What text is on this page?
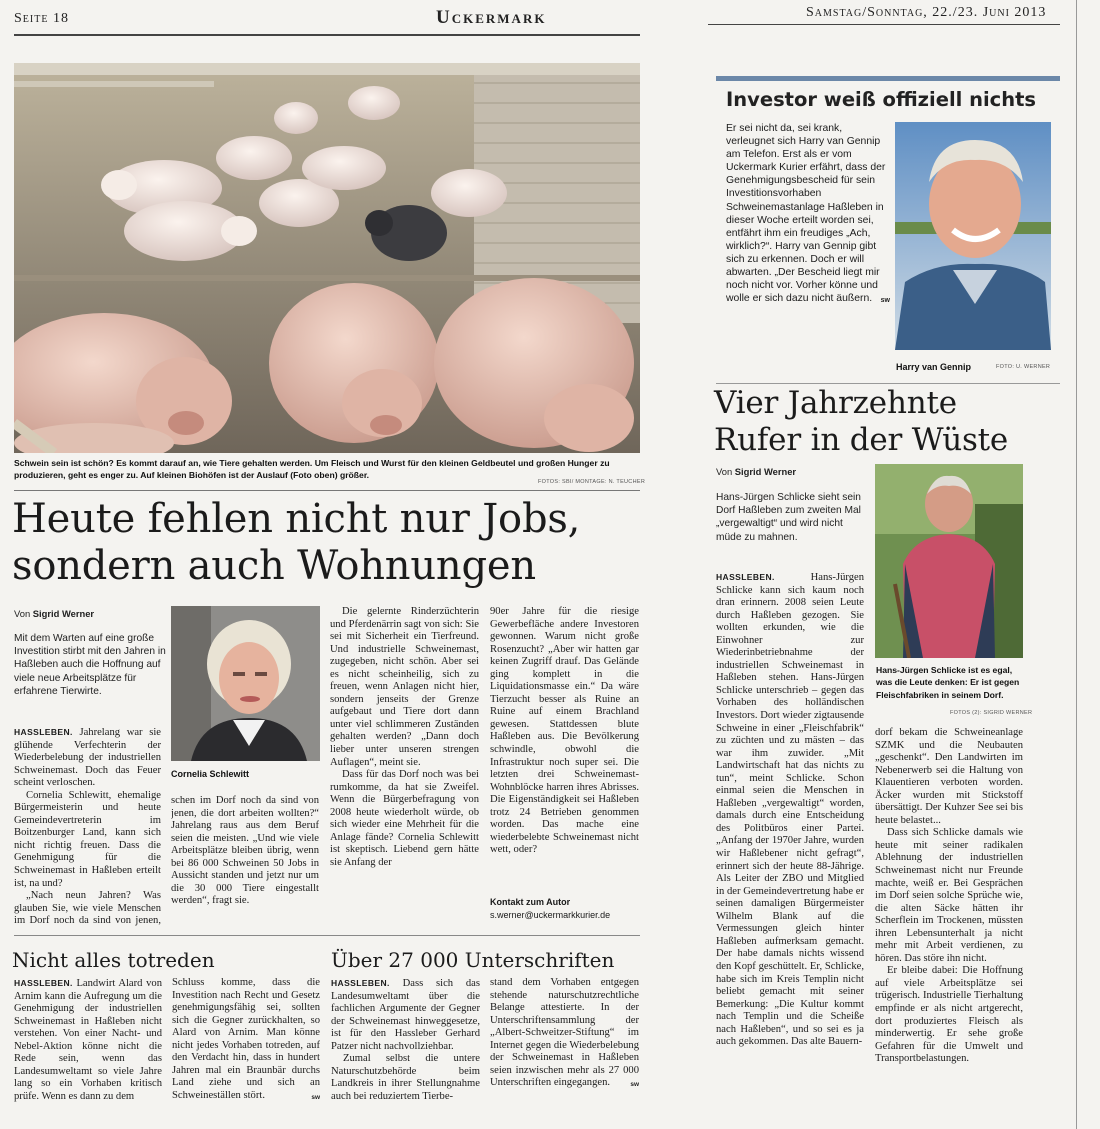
Seite 18	Uckermark	Samstag/Sonntag, 22./23. Juni 2013
Schwein sein ist schön? Es kommt darauf an, wie Tiere gehalten werden. Um Fleisch und Wurst für den kleinen Geldbeutel und großen Hunger zu produzieren, geht es enger zu. Auf kleinen Biohöfen ist der Auslauf (Foto oben) größer.
FOTOS: SBI/ MONTAGE: N. TEUCHER
Heute fehlen nicht nur Jobs,
sondern auch Wohnungen
Von Sigrid Werner
Mit dem Warten auf eine große Investition stirbt mit den Jahren in Haßleben auch die Hoffnung auf viele neue Arbeitsplätze für erfahrene Tierwirte.

HASSLEBEN. Jahrelang war sie glühende Verfechterin der Wiederbelebung der industriellen Schweinemast. Doch das Feuer scheint verloschen.

Cornelia Schlewitt, ehemalige Bürgermeisterin und heute Gemeindevertreterin im Boitzenburger Land, kann sich nicht richtig freuen. Dass die Genehmigung für die Schweinemast in Haßleben erteilt ist, na und?

„Nach neun Jahren? Was glauben Sie, wie viele Menschen im Dorf noch da sind von jenen,

Cornelia Schlewitt

schen im Dorf noch da sind von jenen, die dort arbeiten wollten?“ Jahrelang raus aus dem Beruf seien die meisten. „Und wie viele Arbeitsplätze bleiben übrig, wenn bei 86 000 Schweinen 50 Jobs in Aussicht standen und jetzt nur um die 30 000 Tiere eingestallt werden“, fragt sie.

Die gelernte Rinderzüchterin und Pferdenärrin sagt von sich: Sie sei mit Sicherheit ein Tierfreund. Und industrielle Schweinemast, zugegeben, nicht schön. Aber sei es nicht scheinheilig, sich zu freuen, wenn Anlagen nicht hier, sondern jenseits der Grenze aufgebaut und Tiere dort dann unter viel schlimmeren Zuständen gehalten werden? „Dann doch lieber unter unseren strengen Auflagen“, meint sie.

Dass für das Dorf noch was bei rumkomme, da hat sie Zweifel. Wenn die Bürgerbefragung von 2008 heute wiederholt würde, ob sich wieder eine Mehrheit für die Anlage fände? Cornelia Schlewitt ist skeptisch. Liebend gern hätte sie Anfang der

90er Jahre für die riesige Gewerbefläche andere Investoren gewonnen. Warum nicht große Rosenzucht? „Aber wir hatten gar keinen Zugriff drauf. Das Gelände ging komplett in die Liquidationsmasse ein.“ Da wäre Tierzucht besser als Ruine an Ruine auf einem Brachland gewesen. Stattdessen blute Haßleben aus. Die Bevölkerung schwindle, obwohl die Infrastruktur noch super sei. Die letzten drei Schweinemast-Wohnblöcke harren ihres Abrisses. Die Eigenständigkeit sei Haßleben trotz 24 Betrieben genommen worden. Das mache eine wiederbelebte Schweinemast nicht wett, oder?

Kontakt zum Autor
s.werner@uckermarkkurier.de
Nicht alles totreden

HASSLEBEN. Landwirt Alard von Arnim kann die Aufregung um die Genehmigung der industriellen Schweinemast in Haßleben nicht verstehen. Von einer Nacht- und Nebel-Aktion könne nicht die Rede sein, wenn das Landesumweltamt so viele Jahre lang so ein Vorhaben kritisch prüfe. Wenn es dann zu dem

Schluss komme, dass die Investition nach Recht und Gesetz genehmigungsfähig sei, sollten sich die Gegner zurückhalten, so Alard von Arnim. Man könne nicht jedes Vorhaben totreden, auf den Verdacht hin, dass in hundert Jahren mal ein Braunbär durchs Land ziehe und sich an Schweineställen stört.	sw

Über 27 000 Unterschriften

HASSLEBEN. Dass sich das Landesumweltamt über die fachlichen Argumente der Gegner der Schweinemast hinweggesetze, ist für den Hassleber Gerhard Patzer nicht nachvollziehbar.

Zumal selbst die untere Naturschutzbehörde beim Landkreis in ihrer Stellungnahme auch bei reduziertem Tierbe-

stand dem Vorhaben entgegen stehende naturschutzrechtliche Belange attestierte. In der Unterschriftensammlung der „Albert-Schweitzer-Stiftung“ im Internet gegen die Wiederbelebung der Schweinemast in Haßleben seien inzwischen mehr als 27 000 Unterschriften eingegangen.	sw

Investor weiß offiziell nichts
Er sei nicht da, sei krank, verleugnet sich Harry van Gennip am Telefon. Erst als er vom Uckermark Kurier erfährt, dass der Genehmigungsbescheid für sein Investitionsvorhaben Schweinemastanlage Haßleben in dieser Woche erteilt worden sei, entfährt ihm ein freudiges „Ach, wirklich?“. Harry van Gennip gibt sich zu erkennen. Doch er will abwarten. „Der Bescheid liegt mir noch nicht vor. Vorher könne und wolle er sich dazu nicht äußern. sw
Harry van Gennip	FOTO: U. WERNER
Vier Jahrzehnte
Rufer in der Wüste
Von Sigrid Werner
Hans-Jürgen Schlicke sieht sein Dorf Haßleben zum zweiten Mal „vergewaltigt“ und wird nicht müde zu mahnen.
Hans-Jürgen Schlicke ist es egal, was die Leute denken: Er ist gegen Fleischfabriken in seinem Dorf.
FOTOS (2): SIGRID WERNER

HASSLEBEN.	Hans-Jürgen Schlicke kann sich kaum noch dran erinnern. 2008 seien Leute durch Haßleben gezogen. Sie wollten erkunden, wie die Einwohner zur Wiederinbetriebnahme der industriellen Schweinemast in Haßleben stehen. Hans-Jürgen Schlicke unterschrieb – gegen das Vorhaben des holländischen Investors. Dort wieder zigtausende Schweine in einer „Fleischfabrik“ zu züchten und zu mästen – das war ihm zuwider. „Mit Landwirtschaft hat das nichts zu tun“, meint Schlicke. Schon einmal seien die Menschen in Haßleben „vergewaltigt“ worden, damals durch eine Entscheidung des Politbüros einer Partei. „Anfang der 1970er Jahre, wurden wir Haßlebener nicht gefragt“, erinnert sich der heute 88-Jährige. Als Leiter der ZBO und Mitglied in der Gemeindevertretung habe er seinen damaligen Bürgermeister Wilhelm Blank auf die Vermessungen gleich hinter Haßleben aufmerksam gemacht. Der habe damals nichts wissend den Kopf geschüttelt. Er, Schlicke, habe sich im Kreis Templin nicht beliebt gemacht mit seiner Bemerkung: „Die Kultur kommt nach Templin und die Scheiße nach Haßleben“, und so sei es ja auch gekommen. Das alte Bauern-

dorf bekam die Schweineanlage SZMK und die Neubauten „geschenkt“. Den Landwirten im Nebenerwerb sei die Haltung von Klauentieren verboten worden. Äcker wurden mit Stickstoff übersättigt. Der Kuhzer See sei bis heute belastet...

Dass sich Schlicke damals wie heute mit seiner radikalen Ablehnung der industriellen Schweinemast nicht nur Freunde machte, weiß er. Bei Gesprächen im Dorf seien solche Sprüche wie, die alten Säcke hätten ihr Scherflein im Trockenen, müssten ihren Lebensunterhalt ja nicht mehr mit Arbeit verdienen, zu hören. Das störe ihn nicht.

Er bleibe dabei: Die Hoffnung auf viele Arbeitsplätze sei trügerisch. Industrielle Tierhaltung empfinde er als nicht artgerecht, dort produziertes Fleisch als minderwertig. Er sehe große Gefahren für die Umwelt und Transportbelastungen.
